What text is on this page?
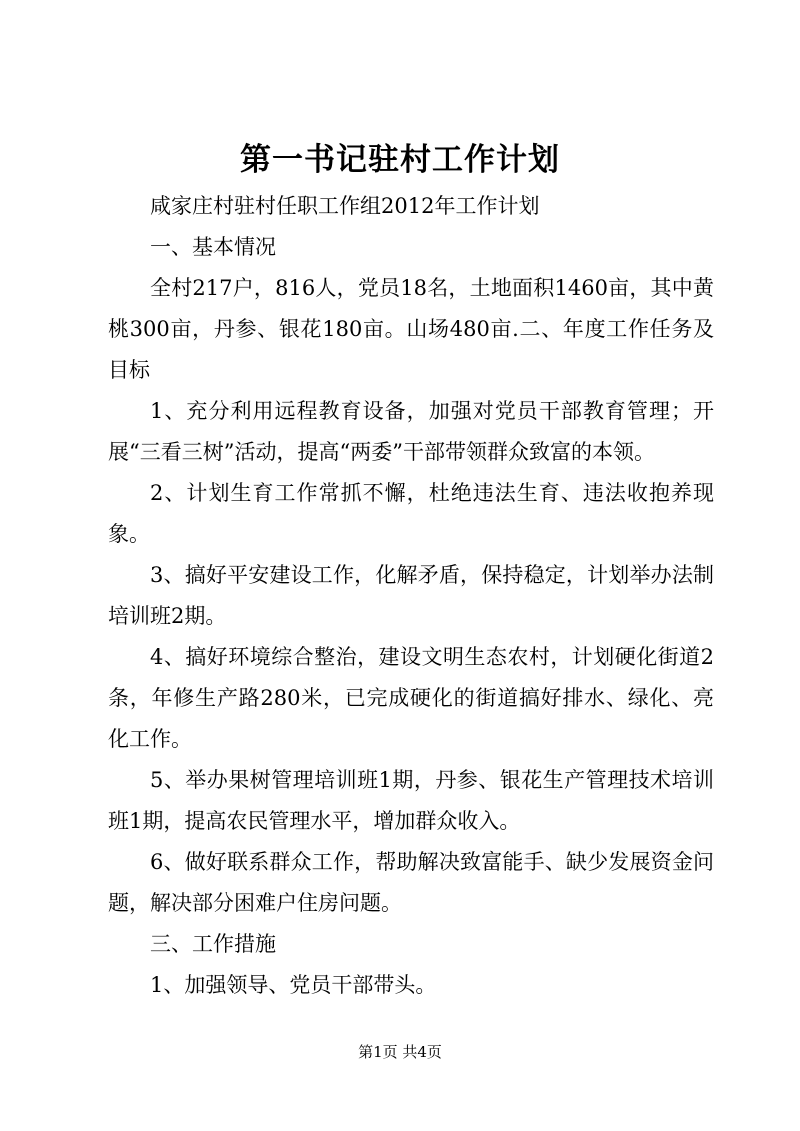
第一书记驻村工作计划

咸家庄村驻村任职工作组2012年工作计划

一、基本情况

全村217户，816人，党员18名，土地面积1460亩，其中黄桃300亩，丹参、银花180亩。山场480亩.二、年度工作任务及目标

1、充分利用远程教育设备，加强对党员干部教育管理；开展“三看三树”活动，提高“两委”干部带领群众致富的本领。

2、计划生育工作常抓不懈，杜绝违法生育、违法收抱养现象。

3、搞好平安建设工作，化解矛盾，保持稳定，计划举办法制培训班2期。

4、搞好环境综合整治，建设文明生态农村，计划硬化街道2条，年修生产路280米，已完成硬化的街道搞好排水、绿化、亮化工作。

5、举办果树管理培训班1期，丹参、银花生产管理技术培训班1期，提高农民管理水平，增加群众收入。

6、做好联系群众工作，帮助解决致富能手、缺少发展资金问题，解决部分困难户住房问题。

三、工作措施

1、加强领导、党员干部带头。

第1页 共4页
